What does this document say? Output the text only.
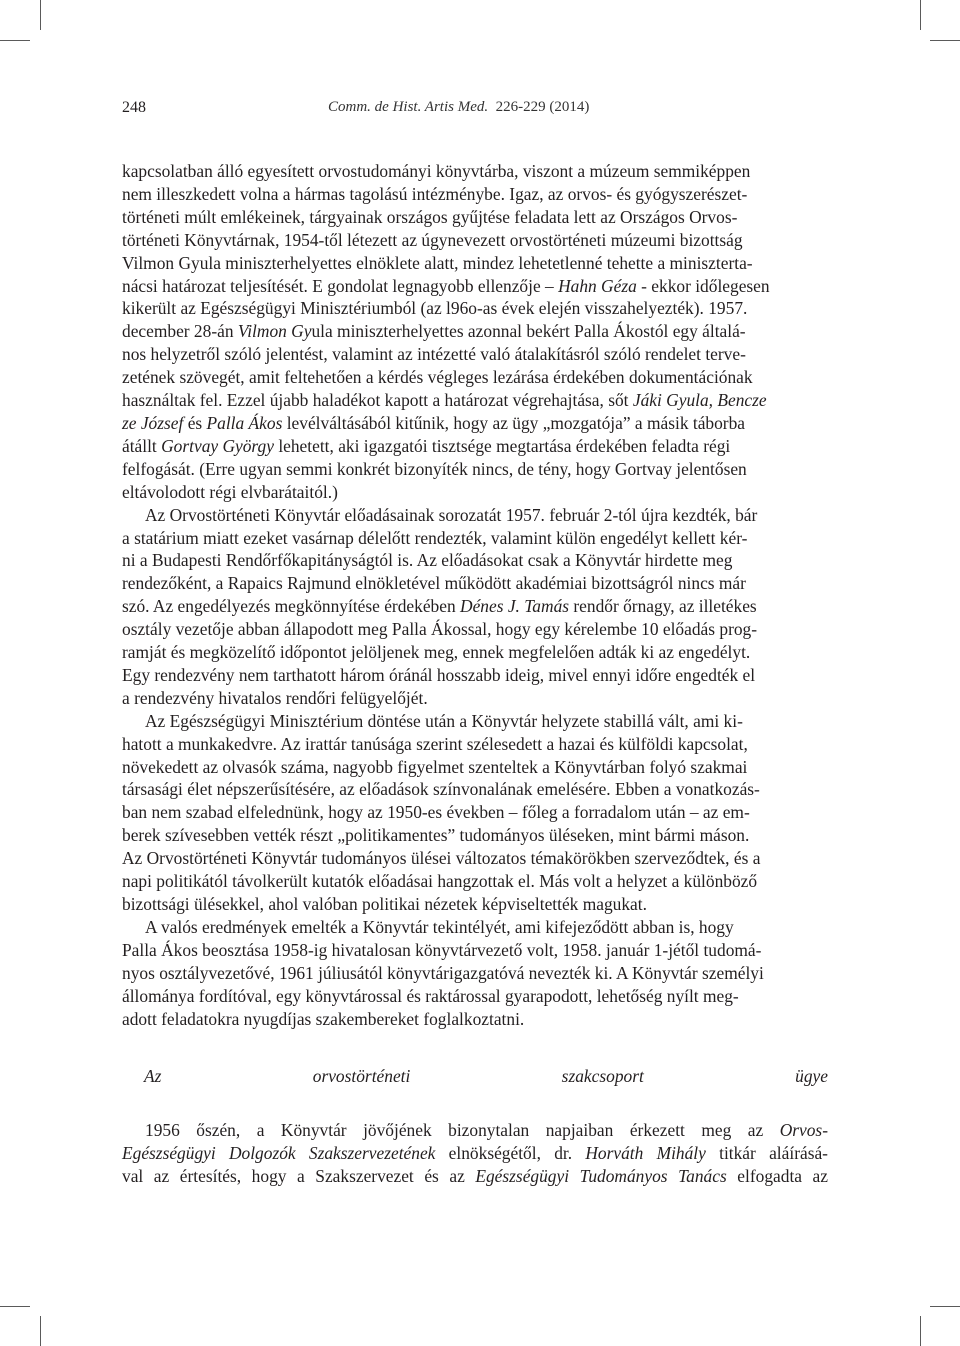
248	Comm. de Hist. Artis Med. 226-229 (2014)

kapcsolatban álló egyesített orvostudományi könyvtárba, viszont a múzeum semmiképpen
nem illeszkedett volna a hármas tagolású intézménybe. Igaz, az orvos- és gyógyszerészet-
történeti múlt emlékeinek, tárgyainak országos gyűjtése feladata lett az Országos Orvos-
történeti Könyvtárnak, 1954-től létezett az úgynevezett orvostörténeti múzeumi bizottság
Vilmon Gyula miniszterhelyettes elnöklete alatt, mindez lehetetlenné tehette a minisztertа-
nácsi határozat teljesítését. E gondolat legnagyobb ellenzője – Hahn Géza - ekkor időlegesen
kikerült az Egészségügyi Minisztériumból (az l96o-as évek elején visszahelyezték). 1957.
december 28-án Vilmon Gyula miniszterhelyettes azonnal bekért Palla Ákostól egy általá-
nos helyzetről szóló jelentést, valamint az intézetté való átalakításról szóló rendelet terve-
zetének szövegét, amit feltehetően a kérdés végleges lezárása érdekében dokumentációnak
használtak fel. Ezzel újabb haladékot kapott a határozat végrehajtása, sőt Jáki Gyula, Bencze
ze József és Palla Ákos levélváltásából kitűnik, hogy az ügy „mozgatója” a másik táborba
átállt Gortvay György lehetett, aki igazgatói tisztsége megtartása érdekében feladta régi
felfogását. (Erre ugyan semmi konkrét bizonyíték nincs, de tény, hogy Gortvay jelentősen
eltávolodott régi elvbarátaitól.)

Az Orvostörténeti Könyvtár előadásainak sorozatát 1957. február 2-tól újra kezdték, bár
a statárium miatt ezeket vasárnap délelőtt rendezték, valamint külön engedélyt kellett kér-
ni a Budapesti Rendőrfőkapitányságtól is. Az előadásokat csak a Könyvtár hirdette meg
rendezőként, a Rapaics Rajmund elnökletével működött akadémiai bizottságról nincs már
szó. Az engedélyezés megkönnyítése érdekében Dénes J. Tamás rendőr őrnagy, az illetékes
osztály vezetője abban állapodott meg Palla Ákossal, hogy egy kérelembe 10 előadás prog-
ramját és megközelítő időpontot jelöljenek meg, ennek megfelelően adták ki az engedélyt.
Egy rendezvény nem tarthatott három óránál hosszabb ideig, mivel ennyi időre engedték el
a rendezvény hivatalos rendőri felügyelőjét.

Az Egészségügyi Minisztérium döntése után a Könyvtár helyzete stabillá vált, ami ki-
hatott a munkakedvre. Az irattár tanúsága szerint szélesedett a hazai és külföldi kapcsolat,
növekedett az olvasók száma, nagyobb figyelmet szenteltek a Könyvtárban folyó szakmai
társasági élet népszerűsítésére, az előadások színvonalának emelésére. Ebben a vonatkozás-
ban nem szabad elfelednünk, hogy az 1950-es években – főleg a forradalom után – az em-
berek szívesebben vették részt „politikamentes” tudományos üléseken, mint bármi máson.
Az Orvostörténeti Könyvtár tudományos ülései változatos témakörökben szerveződtek, és a
napi politikától távolkerült kutatók előadásai hangzottak el. Más volt a helyzet a különböző
bizottsági ülésekkel, ahol valóban politikai nézetek képviseltették magukat.

A valós eredmények emelték a Könyvtár tekintélyét, ami kifejeződött abban is, hogy
Palla Ákos beosztása 1958-ig hivatalosan könyvtárvezető volt, 1958. január 1-jétől tudomá-
nyos osztályvezetővé, 1961 júliusától könyvtárigazgatóvá nevezték ki. A Könyvtár személyi
állománya fordítóval, egy könyvtárossal és raktárossal gyarapodott, lehetőség nyílt meg-
adott feladatokra nyugdíjas szakembereket foglalkoztatni.

Az orvostörténeti szakcsoport ügye

1956 őszén, a Könyvtár jövőjének bizonytalan napjaiban érkezett meg az Orvos-
Egészségügyi Dolgozók Szakszervezetének elnökségétől, dr. Horváth Mihály titkár aláírásá-
val az értesítés, hogy a Szakszervezet és az Egészségügyi Tudományos Tanács elfogadta az
